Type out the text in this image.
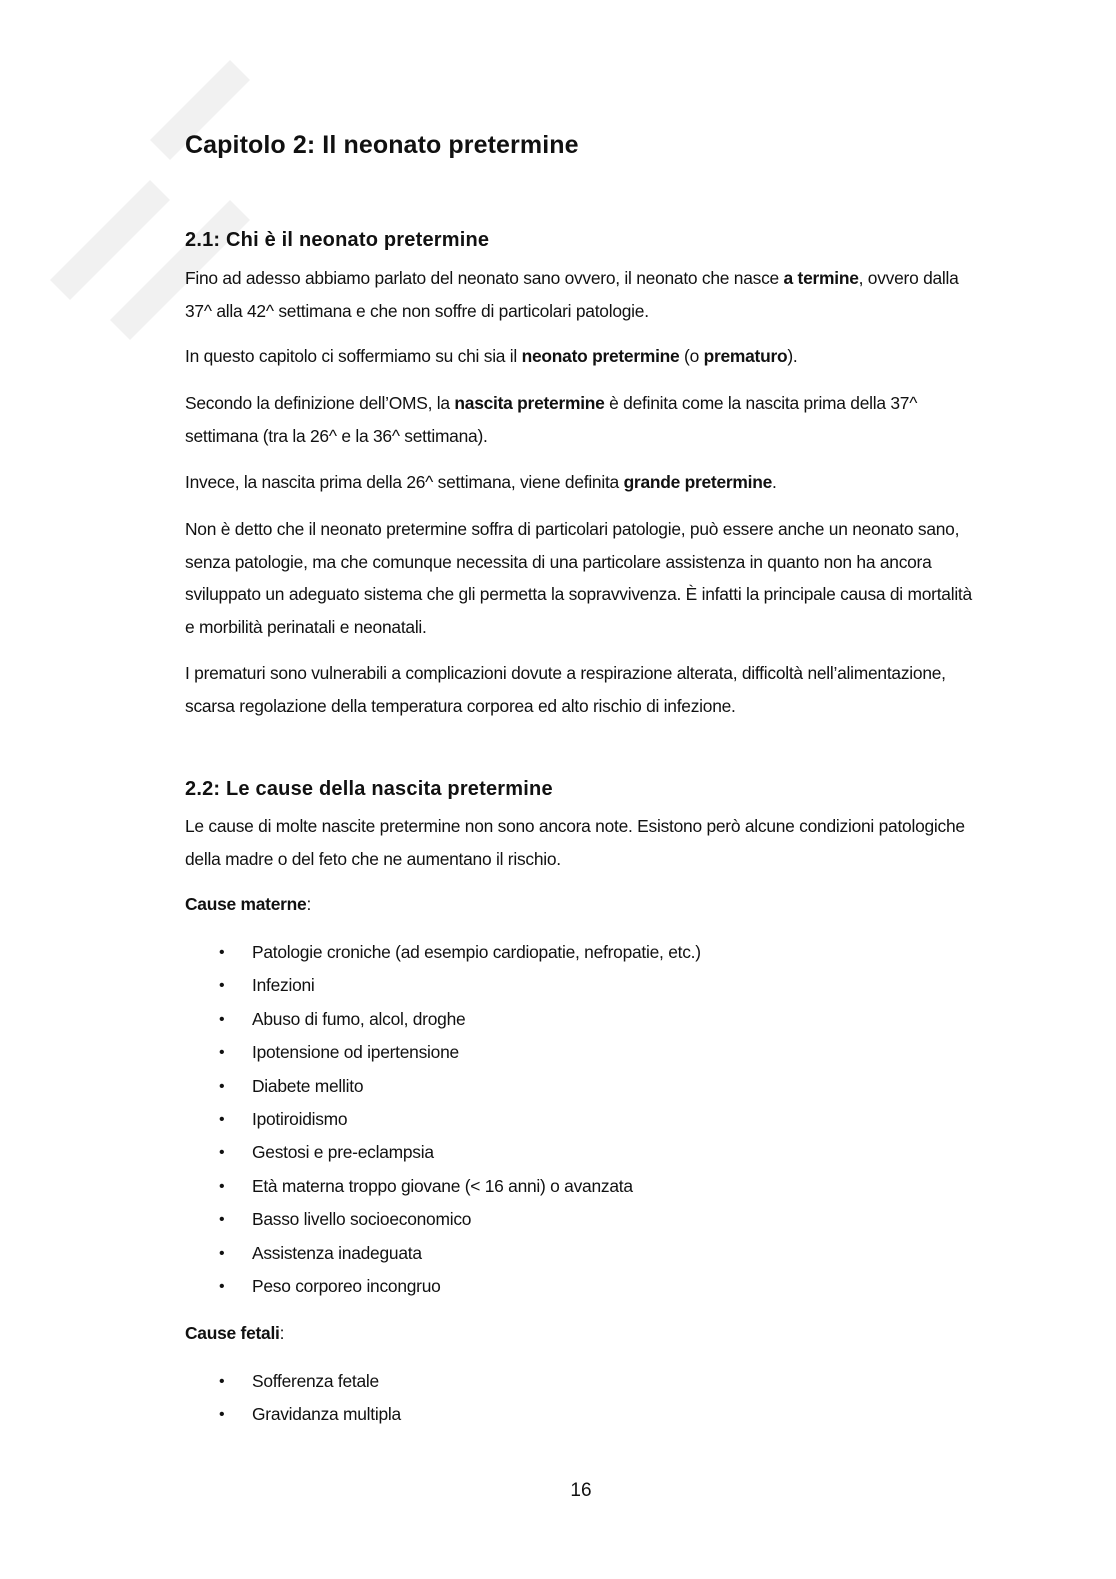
Capitolo 2: Il neonato pretermine
2.1: Chi è il neonato pretermine

Fino ad adesso abbiamo parlato del neonato sano ovvero, il neonato che nasce a termine, ovvero dalla 37^ alla 42^ settimana e che non soffre di particolari patologie.

In questo capitolo ci soffermiamo su chi sia il neonato pretermine (o prematuro).

Secondo la definizione dell’OMS, la nascita pretermine è definita come la nascita prima della 37^ settimana (tra la 26^ e la 36^ settimana).

Invece, la nascita prima della 26^ settimana, viene definita grande pretermine.

Non è detto che il neonato pretermine soffra di particolari patologie, può essere anche un neonato sano, senza patologie, ma che comunque necessita di una particolare assistenza in quanto non ha ancora sviluppato un adeguato sistema che gli permetta la sopravvivenza. È infatti la principale causa di mortalità e morbilità perinatali e neonatali.

I prematuri sono vulnerabili a complicazioni dovute a respirazione alterata, difficoltà nell’alimentazione, scarsa regolazione della temperatura corporea ed alto rischio di infezione.

2.2: Le cause della nascita pretermine

Le cause di molte nascite pretermine non sono ancora note. Esistono però alcune condizioni patologiche della madre o del feto che ne aumentano il rischio.

Cause materne:
• Patologie croniche (ad esempio cardiopatie, nefropatie, etc.)
• Infezioni
• Abuso di fumo, alcol, droghe
• Ipotensione od ipertensione
• Diabete mellito
• Ipotiroidismo
• Gestosi e pre-eclampsia
• Età materna troppo giovane (< 16 anni) o avanzata
• Basso livello socioeconomico
• Assistenza inadeguata
• Peso corporeo incongruo
Cause fetali:
• Sofferenza fetale
• Gravidanza multipla
16
